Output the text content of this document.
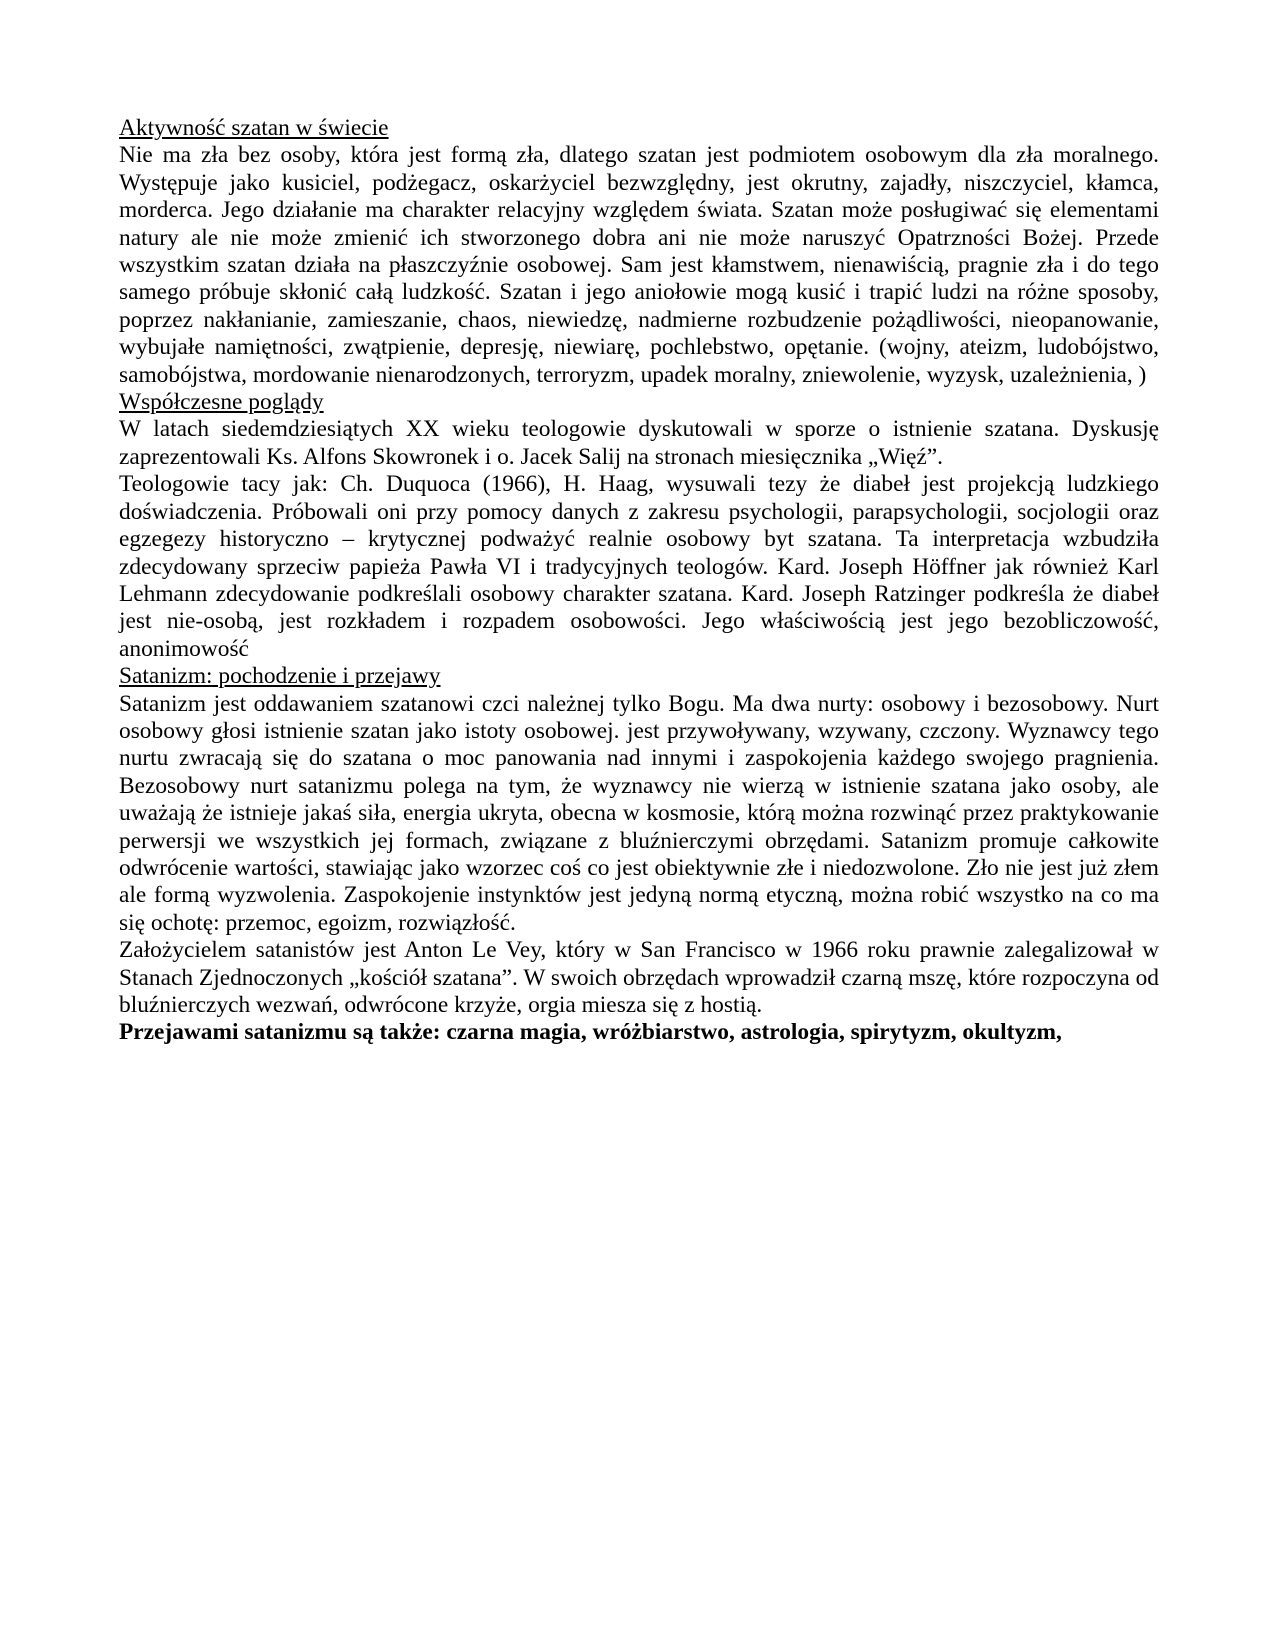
Aktywność szatan w świecie

Nie ma zła bez osoby, która jest formą zła, dlatego szatan jest podmiotem osobowym dla zła moralnego. Występuje jako kusiciel, podżegacz, oskarżyciel bezwzględny, jest okrutny, zajadły, niszczyciel, kłamca, morderca. Jego działanie ma charakter relacyjny względem świata. Szatan może posługiwać się elementami natury ale nie może zmienić ich stworzonego dobra ani nie może naruszyć Opatrzności Bożej. Przede wszystkim szatan działa na płaszczyźnie osobowej. Sam jest kłamstwem, nienawiścią, pragnie zła i do tego samego próbuje skłonić całą ludzkość. Szatan i jego aniołowie mogą kusić i trapić ludzi na różne sposoby, poprzez nakłanianie, zamieszanie, chaos, niewiedzę, nadmierne rozbudzenie pożądliwości, nieopanowanie, wybujałe namiętności, zwątpienie, depresję, niewiarę, pochlebstwo, opętanie. (wojny, ateizm, ludobójstwo, samobójstwa, mordowanie nienarodzonych, terroryzm, upadek moralny, zniewolenie, wyzysk, uzależnienia, )

Współczesne poglądy

W latach siedemdziesiątych XX wieku teologowie dyskutowali w sporze o istnienie szatana. Dyskusję zaprezentowali Ks. Alfons Skowronek i o. Jacek Salij na stronach miesięcznika „Więź”.

Teologowie tacy jak: Ch. Duquoca (1966), H. Haag, wysuwali tezy że diabeł jest projekcją ludzkiego doświadczenia. Próbowali oni przy pomocy danych z zakresu psychologii, parapsychologii, socjologii oraz egzegezy historyczno – krytycznej podważyć realnie osobowy byt szatana. Ta interpretacja wzbudziła zdecydowany sprzeciw papieża Pawła VI i tradycyjnych teologów. Kard. Joseph Höffner jak również Karl Lehmann zdecydowanie podkreślali osobowy charakter szatana. Kard. Joseph Ratzinger podkreśla że diabeł jest nie-osobą, jest rozkładem i rozpadem osobowości. Jego właściwością jest jego bezobliczowość, anonimowość

Satanizm: pochodzenie i przejawy

Satanizm jest oddawaniem szatanowi czci należnej tylko Bogu. Ma dwa nurty: osobowy i bezosobowy. Nurt osobowy głosi istnienie szatan jako istoty osobowej. jest przywoływany, wzywany, czczony. Wyznawcy tego nurtu zwracają się do szatana o moc panowania nad innymi i zaspokojenia każdego swojego pragnienia. Bezosobowy nurt satanizmu polega na tym, że wyznawcy nie wierzą w istnienie szatana jako osoby, ale uważają że istnieje jakaś siła, energia ukryta, obecna w kosmosie, którą można rozwinąć przez praktykowanie perwersji we wszystkich jej formach, związane z bluźnierczymi obrzędami. Satanizm promuje całkowite odwrócenie wartości, stawiając jako wzorzec coś co jest obiektywnie złe i niedozwolone. Zło nie jest już złem ale formą wyzwolenia. Zaspokojenie instynktów jest jedyną normą etyczną, można robić wszystko na co ma się ochotę: przemoc, egoizm, rozwiązłość.

Założycielem satanistów jest Anton Le Vey, który w San Francisco w 1966 roku prawnie zalegalizował w Stanach Zjednoczonych „kościół szatana”. W swoich obrzędach wprowadził czarną mszę, które rozpoczyna od bluźnierczych wezwań, odwrócone krzyże, orgia miesza się z hostią.

Przejawami satanizmu są także: czarna magia, wróżbiarstwo, astrologia, spirytyzm, okultyzm,
